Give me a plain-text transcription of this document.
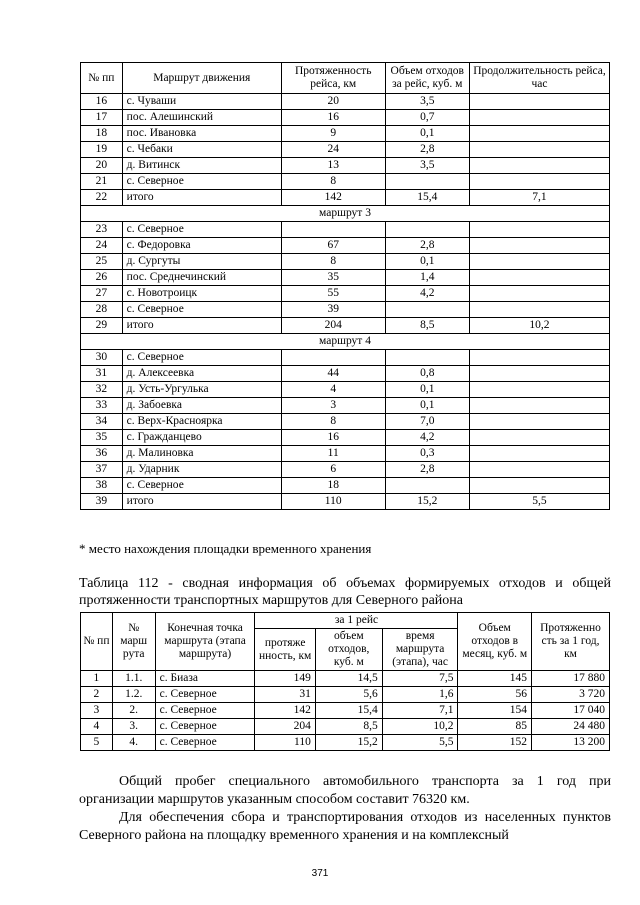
№ пп	Маршрут движения	Протяженность рейса, км	Объем отходов за рейс, куб. м	Продолжительность рейса, час
16	с. Чуваши	20	3,5	
17	пос. Алешинский	16	0,7	
18	пос. Ивановка	9	0,1	
19	с. Чебаки	24	2,8	
20	д. Витинск	13	3,5	
21	с. Северное	8		
22	итого	142	15,4	7,1
маршрут 3				
23	с. Северное			
24	с. Федоровка	67	2,8	
25	д. Сургуты	8	0,1	
26	пос. Среднечинский	35	1,4	
27	с. Новотроицк	55	4,2	
28	с. Северное	39		
29	итого	204	8,5	10,2
маршрут 4				
30	с. Северное			
31	д. Алексеевка	44	0,8	
32	д. Усть-Ургулька	4	0,1	
33	д. Забоевка	3	0,1	
34	с. Верх-Красноярка	8	7,0	
35	с. Гражданцево	16	4,2	
36	д. Малиновка	11	0,3	
37	д. Ударник	6	2,8	
38	с. Северное	18		
39	итого	110	15,2	5,5
* место нахождения площадки временного хранения
Таблица 112 - сводная информация об объемах формируемых отходов и общей протяженности транспортных маршрутов для Северного района
№ пп	№ марш рута	Конечная точка маршрута (этапа маршрута)	за 1 рейс			Объем отходов в месяц, куб. м	Протяженно сть за 1 год, км
			протяже нность, км	объем отходов, куб. м	время маршрута (этапа), час		
1	1.1.	с. Биаза	149	14,5	7,5	145	17 880
2	1.2.	с. Северное	31	5,6	1,6	56	3 720
3	2.	с. Северное	142	15,4	7,1	154	17 040
4	3.	с. Северное	204	8,5	10,2	85	24 480
5	4.	с. Северное	110	15,2	5,5	152	13 200
Общий пробег специального автомобильного транспорта за 1 год при организации маршрутов указанным способом составит 76320 км.
Для обеспечения сбора и транспортирования отходов из населенных пунктов Северного района на площадку временного хранения и на комплексный
371
